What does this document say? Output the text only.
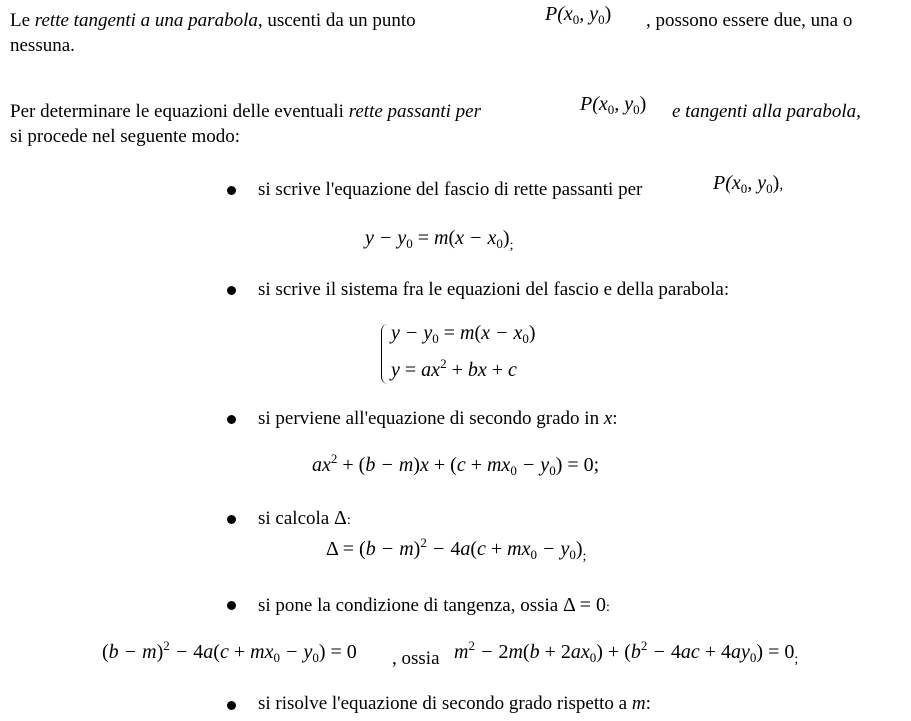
Le rette tangenti a una parabola, uscenti da un punto	$P(x_0$, $y_0$) , possono essere due, una o
nessuna.
Per determinare le equazioni delle eventuali rette passanti per	$P(x_0$, $y_0$) e tangenti alla parabola,
si procede nel seguente modo:
si scrive l'equazione del fascio di rette passanti per	$P(x_0$, $y_0$),
$y - y_0 = m(x - x_0)_;$
si scrive il sistema fra le equazioni del fascio e della parabola:
$y - y_0 = m(x - x_0)$
$y = ax^2$ + bx + c
si perviene all'equazione di secondo grado in x:
$ax^2 + (b - m)x + (c + mx_0 - y_0) = 0$;
si calcola Δ:
$\Delta = (b - m)^2 - 4a(c + mx_0 - y_0)_;$
si pone la condizione di tangenza, ossia Δ = 0:
$(b - m)^2 - 4a(c + mx_0 - y_0) = 0$ , ossia $m^2 - 2m(b + 2ax_0) + (b^2 - 4ac + 4ay_0) = 0_;$
si risolve l'equazione di secondo grado rispetto a m:
